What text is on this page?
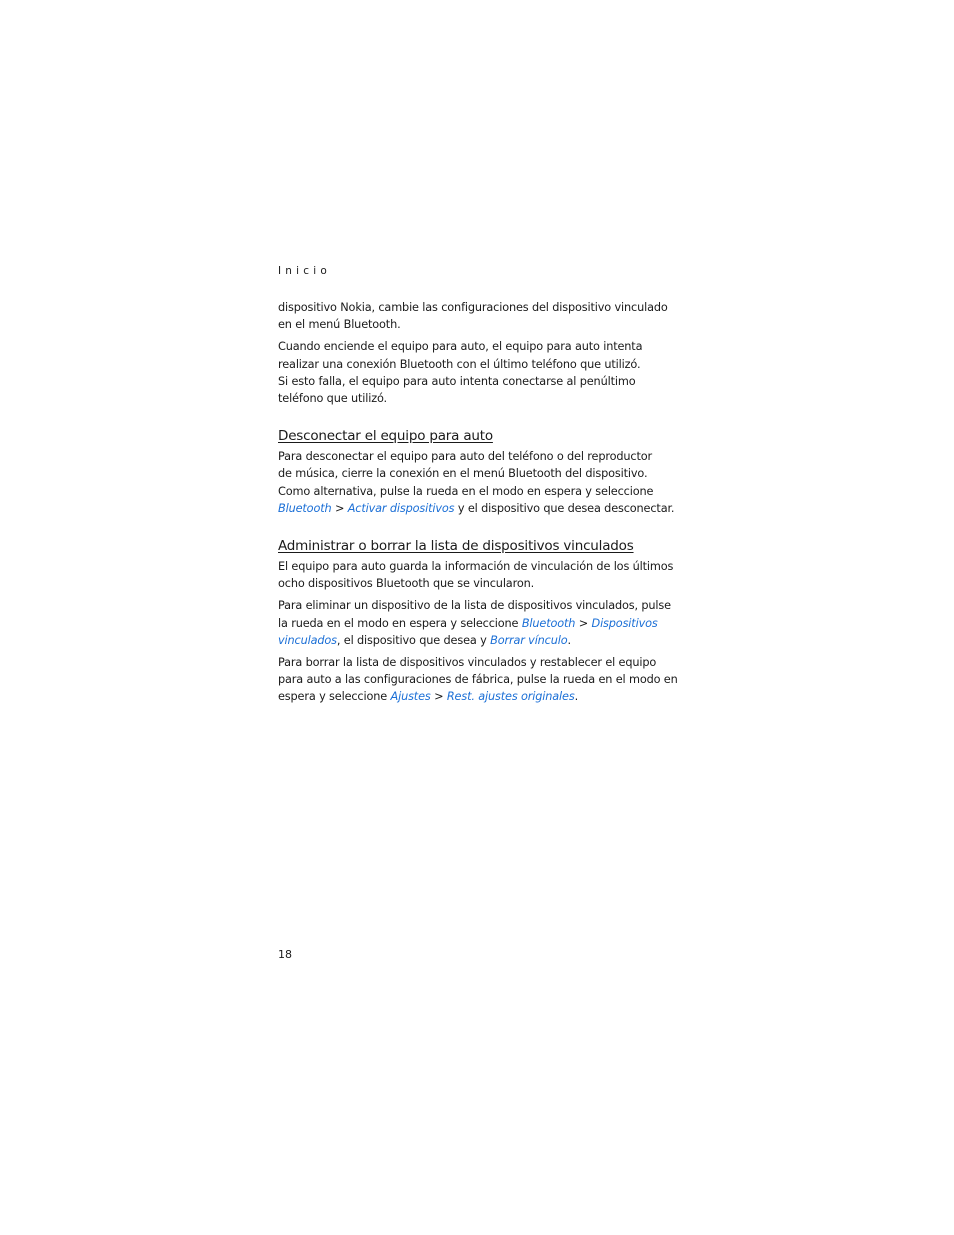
Inicio

dispositivo Nokia, cambie las configuraciones del dispositivo vinculado
en el menú Bluetooth.

Cuando enciende el equipo para auto, el equipo para auto intenta
realizar una conexión Bluetooth con el último teléfono que utilizó.
Si esto falla, el equipo para auto intenta conectarse al penúltimo
teléfono que utilizó.

Desconectar el equipo para auto

Para desconectar el equipo para auto del teléfono o del reproductor
de música, cierre la conexión en el menú Bluetooth del dispositivo.
Como alternativa, pulse la rueda en el modo en espera y seleccione
Bluetooth > Activar dispositivos y el dispositivo que desea desconectar.

Administrar o borrar la lista de dispositivos vinculados

El equipo para auto guarda la información de vinculación de los últimos
ocho dispositivos Bluetooth que se vincularon.

Para eliminar un dispositivo de la lista de dispositivos vinculados, pulse
la rueda en el modo en espera y seleccione Bluetooth > Dispositivos
vinculados, el dispositivo que desea y Borrar vínculo.

Para borrar la lista de dispositivos vinculados y restablecer el equipo
para auto a las configuraciones de fábrica, pulse la rueda en el modo en
espera y seleccione Ajustes > Rest. ajustes originales.

18
